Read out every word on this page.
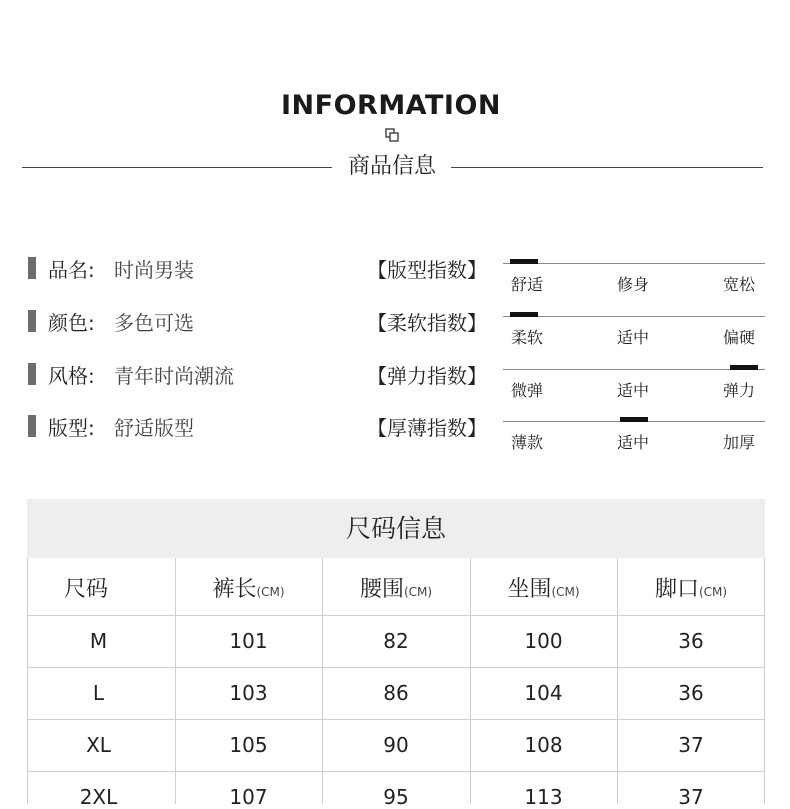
INFORMATION
商品信息
品名: 时尚男装	【版型指数】
舒适	修身	宽松
颜色: 多色可选	【柔软指数】
柔软	适中	偏硬
风格: 青年时尚潮流	【弹力指数】
微弹	适中	弹力
版型: 舒适版型	【厚薄指数】
薄款	适中	加厚
尺码信息
尺码	裤长(CM)	腰围(CM)	坐围(CM)	脚口(CM)
M	101	82	100	36
L	103	86	104	36
XL	105	90	108	37
2XL	107	95	113	37
